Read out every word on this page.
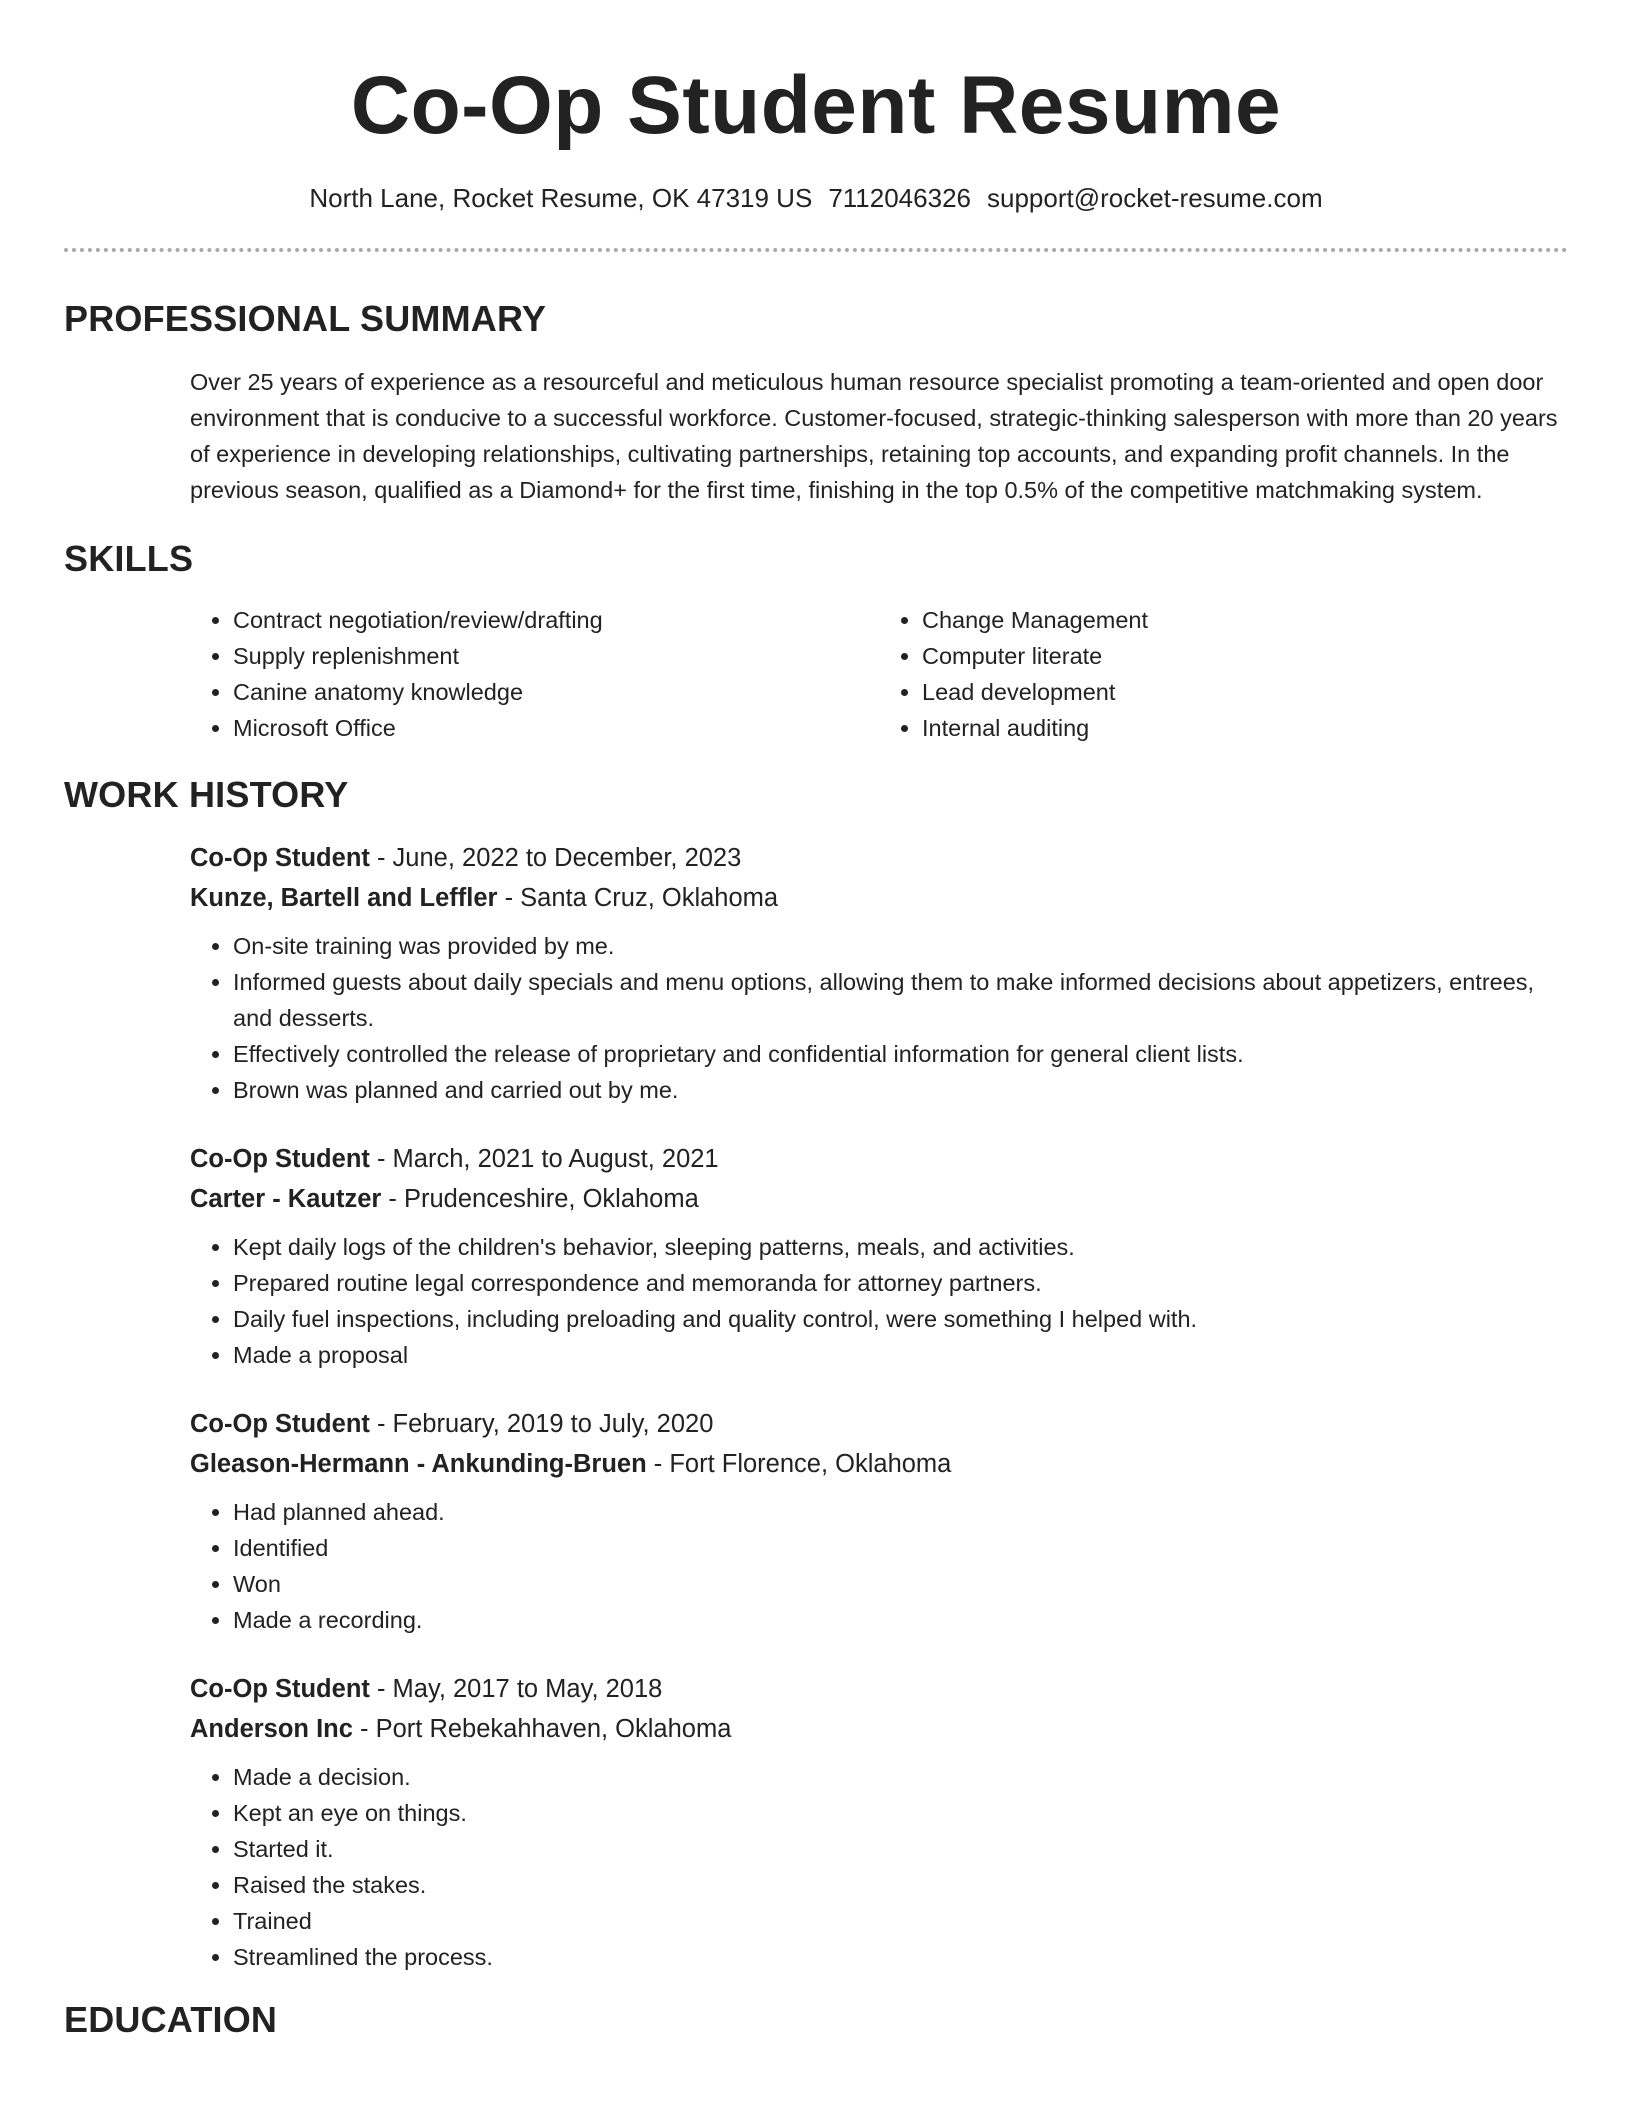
Co-Op Student Resume
North Lane, Rocket Resume, OK 47319 US 7112046326 support@rocket-resume.com
PROFESSIONAL SUMMARY
Over 25 years of experience as a resourceful and meticulous human resource specialist promoting a team-oriented and open door environment that is conducive to a successful workforce. Customer-focused, strategic-thinking salesperson with more than 20 years of experience in developing relationships, cultivating partnerships, retaining top accounts, and expanding profit channels. In the previous season, qualified as a Diamond+ for the first time, finishing in the top 0.5% of the competitive matchmaking system.
SKILLS
• Contract negotiation/review/drafting
• Supply replenishment
• Canine anatomy knowledge
• Microsoft Office
• Change Management
• Computer literate
• Lead development
• Internal auditing
WORK HISTORY
Co-Op Student - June, 2022 to December, 2023
Kunze, Bartell and Leffler - Santa Cruz, Oklahoma
• On-site training was provided by me.
• Informed guests about daily specials and menu options, allowing them to make informed decisions about appetizers, entrees, and desserts.
• Effectively controlled the release of proprietary and confidential information for general client lists.
• Brown was planned and carried out by me.
Co-Op Student - March, 2021 to August, 2021
Carter - Kautzer - Prudenceshire, Oklahoma
• Kept daily logs of the children's behavior, sleeping patterns, meals, and activities.
• Prepared routine legal correspondence and memoranda for attorney partners.
• Daily fuel inspections, including preloading and quality control, were something I helped with.
• Made a proposal
Co-Op Student - February, 2019 to July, 2020
Gleason-Hermann - Ankunding-Bruen - Fort Florence, Oklahoma
• Had planned ahead.
• Identified
• Won
• Made a recording.
Co-Op Student - May, 2017 to May, 2018
Anderson Inc - Port Rebekahhaven, Oklahoma
• Made a decision.
• Kept an eye on things.
• Started it.
• Raised the stakes.
• Trained
• Streamlined the process.
EDUCATION
